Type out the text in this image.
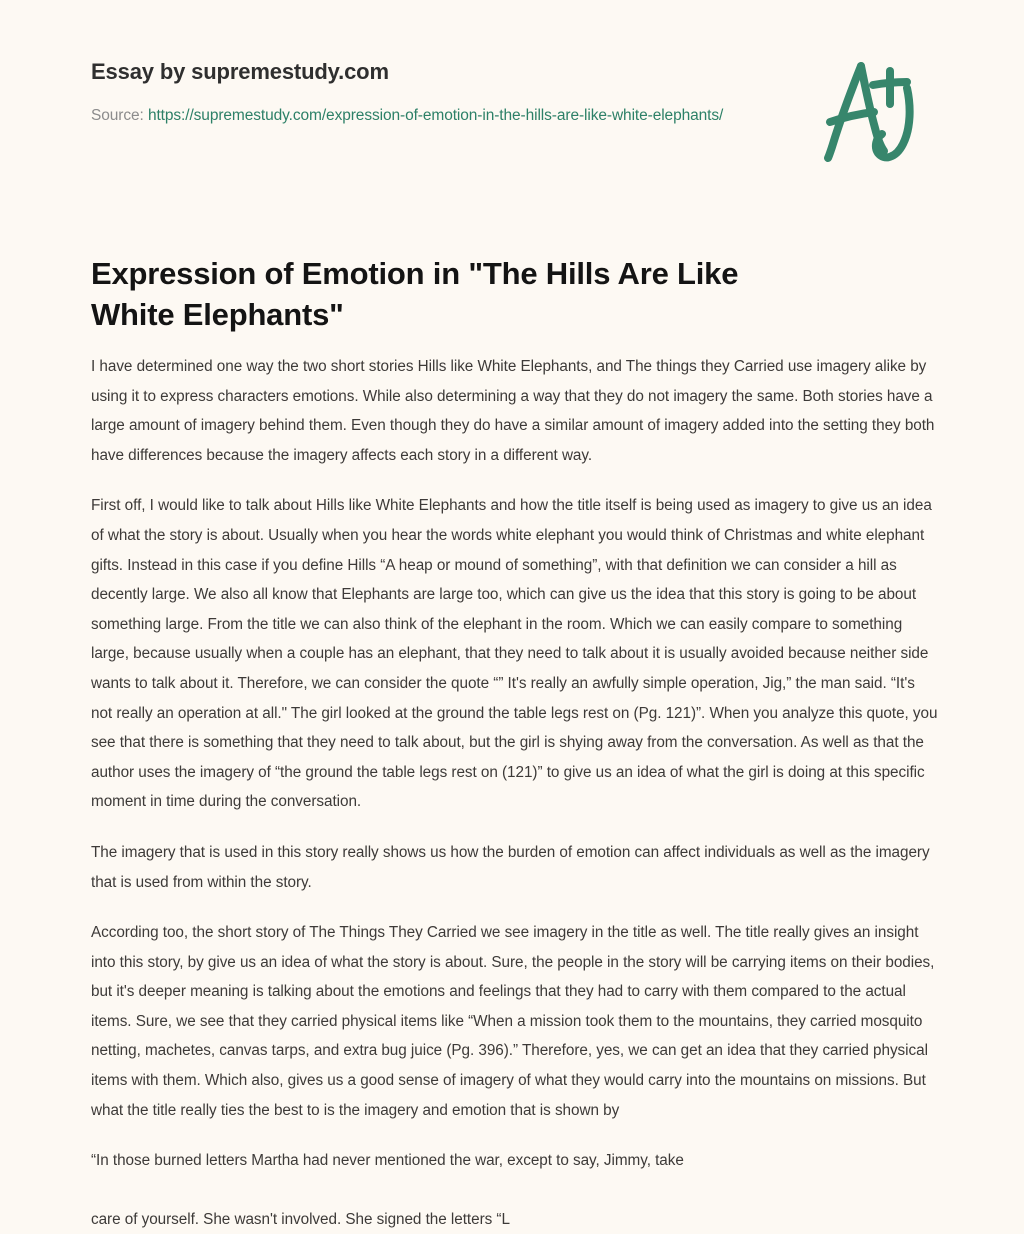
Essay by supremestudy.com
Source: https://supremestudy.com/expression-of-emotion-in-the-hills-are-like-white-elephants/
Expression of Emotion in "The Hills Are Like White Elephants"

I have determined one way the two short stories Hills like White Elephants, and The things they Carried use imagery alike by using it to express characters emotions. While also determining a way that they do not imagery the same. Both stories have a large amount of imagery behind them. Even though they do have a similar amount of imagery added into the setting they both have differences because the imagery affects each story in a different way.

First off, I would like to talk about Hills like White Elephants and how the title itself is being used as imagery to give us an idea of what the story is about. Usually when you hear the words white elephant you would think of Christmas and white elephant gifts. Instead in this case if you define Hills “A heap or mound of something”, with that definition we can consider a hill as decently large. We also all know that Elephants are large too, which can give us the idea that this story is going to be about something large. From the title we can also think of the elephant in the room. Which we can easily compare to something large, because usually when a couple has an elephant, that they need to talk about it is usually avoided because neither side wants to talk about it. Therefore, we can consider the quote “” It's really an awfully simple operation, Jig,” the man said. “It's not really an operation at all." The girl looked at the ground the table legs rest on (Pg. 121)”. When you analyze this quote, you see that there is something that they need to talk about, but the girl is shying away from the conversation. As well as that the author uses the imagery of “the ground the table legs rest on (121)” to give us an idea of what the girl is doing at this specific moment in time during the conversation.

The imagery that is used in this story really shows us how the burden of emotion can affect individuals as well as the imagery that is used from within the story.

According too, the short story of The Things They Carried we see imagery in the title as well. The title really gives an insight into this story, by give us an idea of what the story is about. Sure, the people in the story will be carrying items on their bodies, but it's deeper meaning is talking about the emotions and feelings that they had to carry with them compared to the actual items. Sure, we see that they carried physical items like “When a mission took them to the mountains, they carried mosquito netting, machetes, canvas tarps, and extra bug juice (Pg. 396).” Therefore, yes, we can get an idea that they carried physical items with them. Which also, gives us a good sense of imagery of what they would carry into the mountains on missions. But what the title really ties the best to is the imagery and emotion that is shown by

“In those burned letters Martha had never mentioned the war, except to say, Jimmy, take

care of yourself. She wasn't involved. She signed the letters “L
